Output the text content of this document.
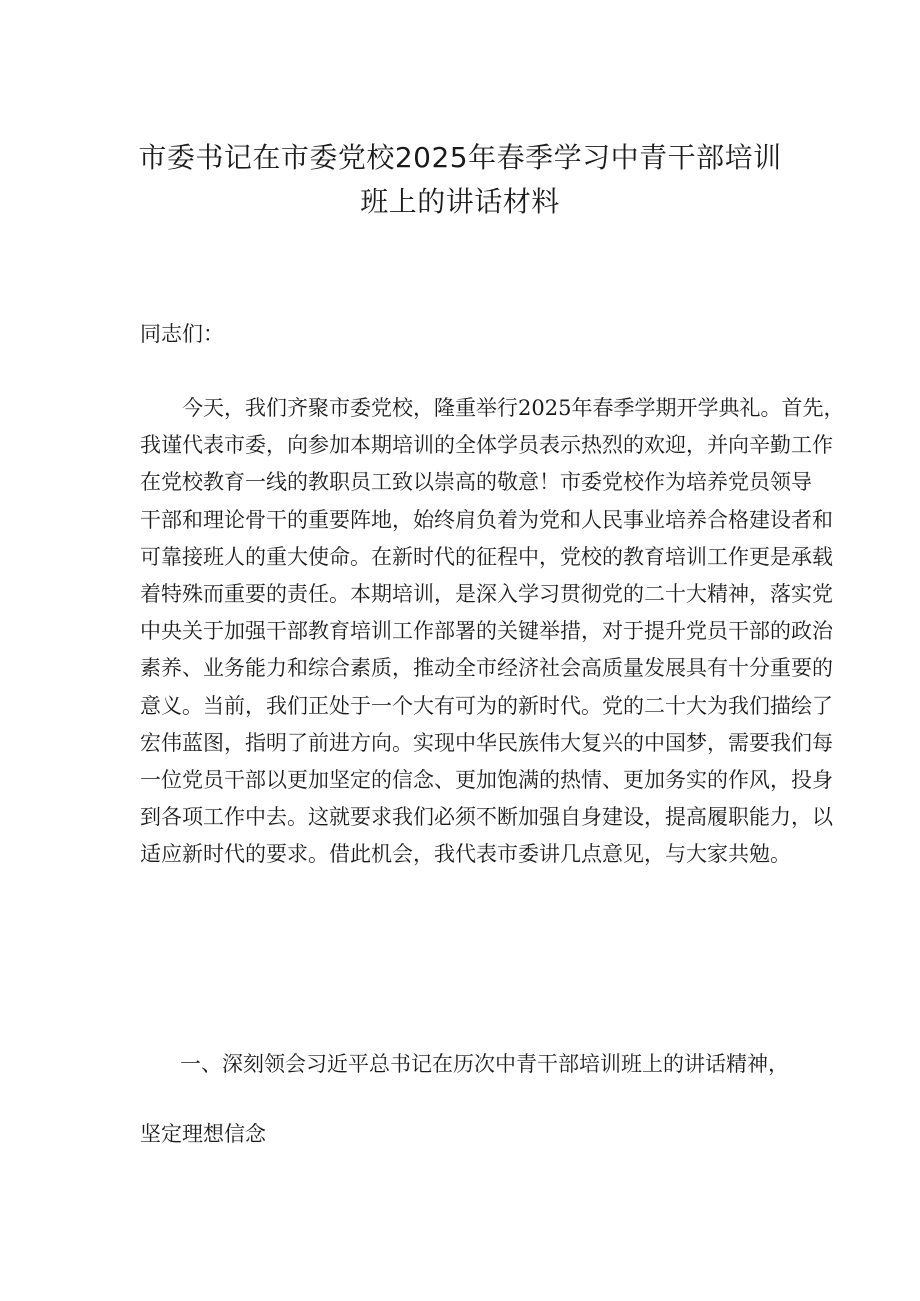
市委书记在市委党校2025年春季学习中青干部培训
班上的讲话材料
同志们：
今天，我们齐聚市委党校，隆重举行2025年春季学期开学典礼。首先，
我谨代表市委，向参加本期培训的全体学员表示热烈的欢迎，并向辛勤工作
在党校教育一线的教职员工致以崇高的敬意！市委党校作为培养党员领导
干部和理论骨干的重要阵地，始终肩负着为党和人民事业培养合格建设者和
可靠接班人的重大使命。在新时代的征程中，党校的教育培训工作更是承载
着特殊而重要的责任。本期培训，是深入学习贯彻党的二十大精神，落实党
中央关于加强干部教育培训工作部署的关键举措，对于提升党员干部的政治
素养、业务能力和综合素质，推动全市经济社会高质量发展具有十分重要的
意义。当前，我们正处于一个大有可为的新时代。党的二十大为我们描绘了
宏伟蓝图，指明了前进方向。实现中华民族伟大复兴的中国梦，需要我们每
一位党员干部以更加坚定的信念、更加饱满的热情、更加务实的作风，投身
到各项工作中去。这就要求我们必须不断加强自身建设，提高履职能力，以
适应新时代的要求。借此机会，我代表市委讲几点意见，与大家共勉。
一、深刻领会习近平总书记在历次中青干部培训班上的讲话精神，
坚定理想信念
